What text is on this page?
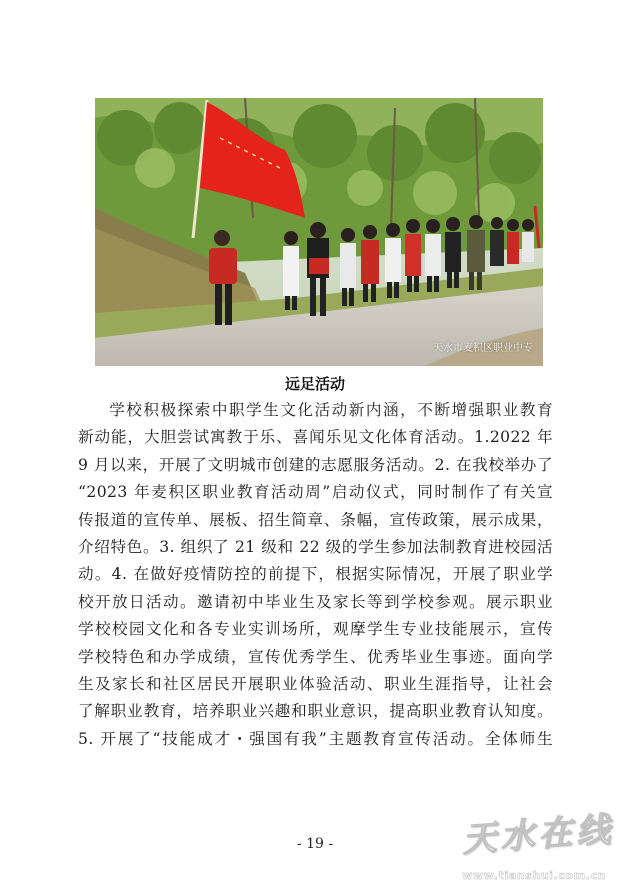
天水市麦积区职业中专
远足活动

学校积极探索中职学生文化活动新内涵，不断增强职业教育
新动能，大胆尝试寓教于乐、喜闻乐见文化体育活动。1.2022 年
9 月以来，开展了文明城市创建的志愿服务活动。2. 在我校举办了
“2023 年麦积区职业教育活动周”启动仪式，同时制作了有关宣
传报道的宣传单、展板、招生简章、条幅，宣传政策，展示成果，
介绍特色。3. 组织了 21 级和 22 级的学生参加法制教育进校园活
动。4. 在做好疫情防控的前提下，根据实际情况，开展了职业学
校开放日活动。邀请初中毕业生及家长等到学校参观。展示职业
学校校园文化和各专业实训场所，观摩学生专业技能展示，宣传
学校特色和办学成绩，宣传优秀学生、优秀毕业生事迹。面向学
生及家长和社区居民开展职业体验活动、职业生涯指导，让社会
了解职业教育，培养职业兴趣和职业意识，提高职业教育认知度。
5. 开展了“技能成才・强国有我”主题教育宣传活动。全体师生

- 19 -	天水在线
www.tianshui.com.cn
